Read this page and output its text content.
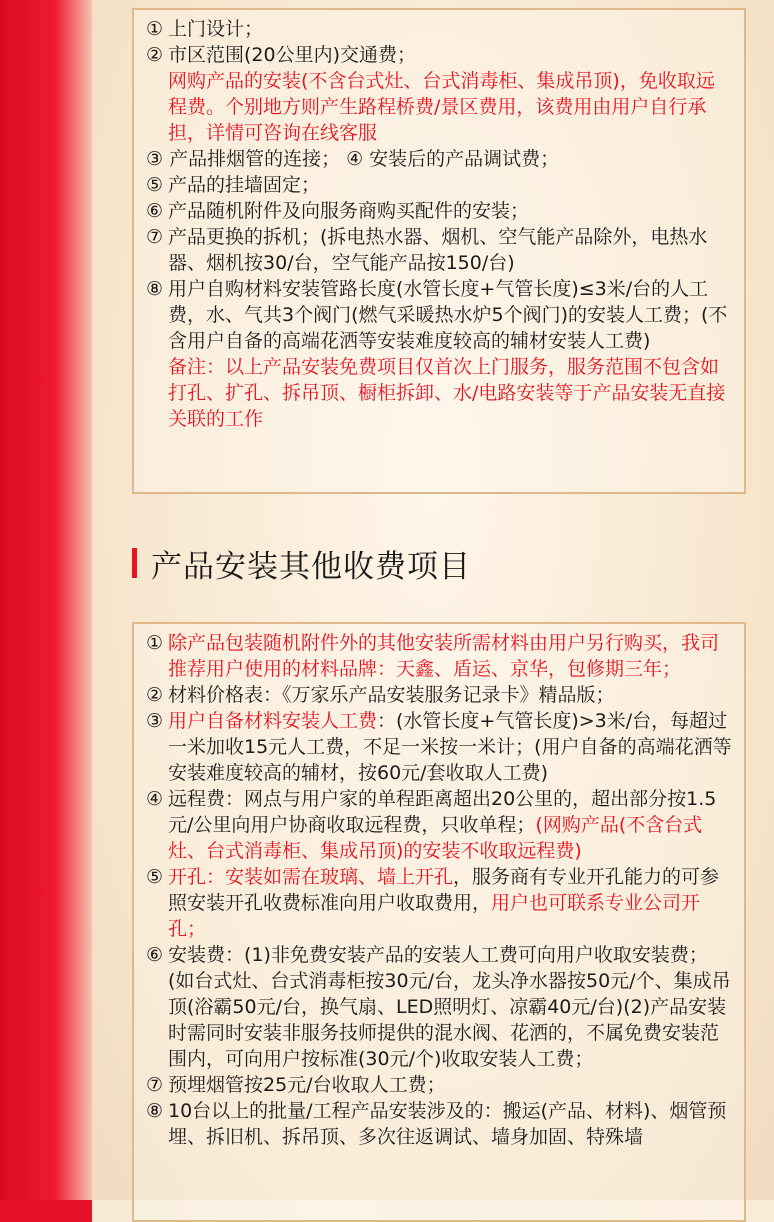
① 上门设计；
② 市区范围(20公里内)交通费；
网购产品的安装(不含台式灶、台式消毒柜、集成吊顶)，免收取远程费。个别地方则产生路程桥费/景区费用，该费用由用户自行承担，详情可咨询在线客服
③ 产品排烟管的连接； ④ 安装后的产品调试费；
⑤ 产品的挂墙固定；
⑥ 产品随机附件及向服务商购买配件的安装；
⑦ 产品更换的拆机；(拆电热水器、烟机、空气能产品除外，电热水器、烟机按30/台，空气能产品按150/台)
⑧ 用户自购材料安装管路长度(水管长度+气管长度)≤3米/台的人工费，水、气共3个阀门(燃气采暖热水炉5个阀门)的安装人工费；(不含用户自备的高端花洒等安装难度较高的辅材安装人工费)
备注：以上产品安装免费项目仅首次上门服务，服务范围不包含如打孔、扩孔、拆吊顶、橱柜拆卸、水/电路安装等于产品安装无直接关联的工作
产品安装其他收费项目
① 除产品包装随机附件外的其他安装所需材料由用户另行购买，我司推荐用户使用的材料品牌：天鑫、盾运、京华，包修期三年；
② 材料价格表：《万家乐产品安装服务记录卡》精品版；
③ 用户自备材料安装人工费：(水管长度+气管长度)>3米/台，每超过一米加收15元人工费，不足一米按一米计；(用户自备的高端花洒等安装难度较高的辅材，按60元/套收取人工费)
④ 远程费：网点与用户家的单程距离超出20公里的，超出部分按1.5元/公里向用户协商收取远程费，只收单程；(网购产品(不含台式灶、台式消毒柜、集成吊顶)的安装不收取远程费)
⑤ 开孔：安装如需在玻璃、墙上开孔，服务商有专业开孔能力的可参照安装开孔收费标准向用户收取费用，用户也可联系专业公司开孔；
⑥ 安装费：(1)非免费安装产品的安装人工费可向用户收取安装费；(如台式灶、台式消毒柜按30元/台，龙头净水器按50元/个、集成吊顶(浴霸50元/台，换气扇、LED照明灯、凉霸40元/台)(2)产品安装时需同时安装非服务技师提供的混水阀、花洒的，不属免费安装范围内，可向用户按标准(30元/个)收取安装人工费；
⑦ 预埋烟管按25元/台收取人工费；
⑧ 10台以上的批量/工程产品安装涉及的：搬运(产品、材料)、烟管预埋、拆旧机、拆吊顶、多次往返调试、墙身加固、特殊墙
